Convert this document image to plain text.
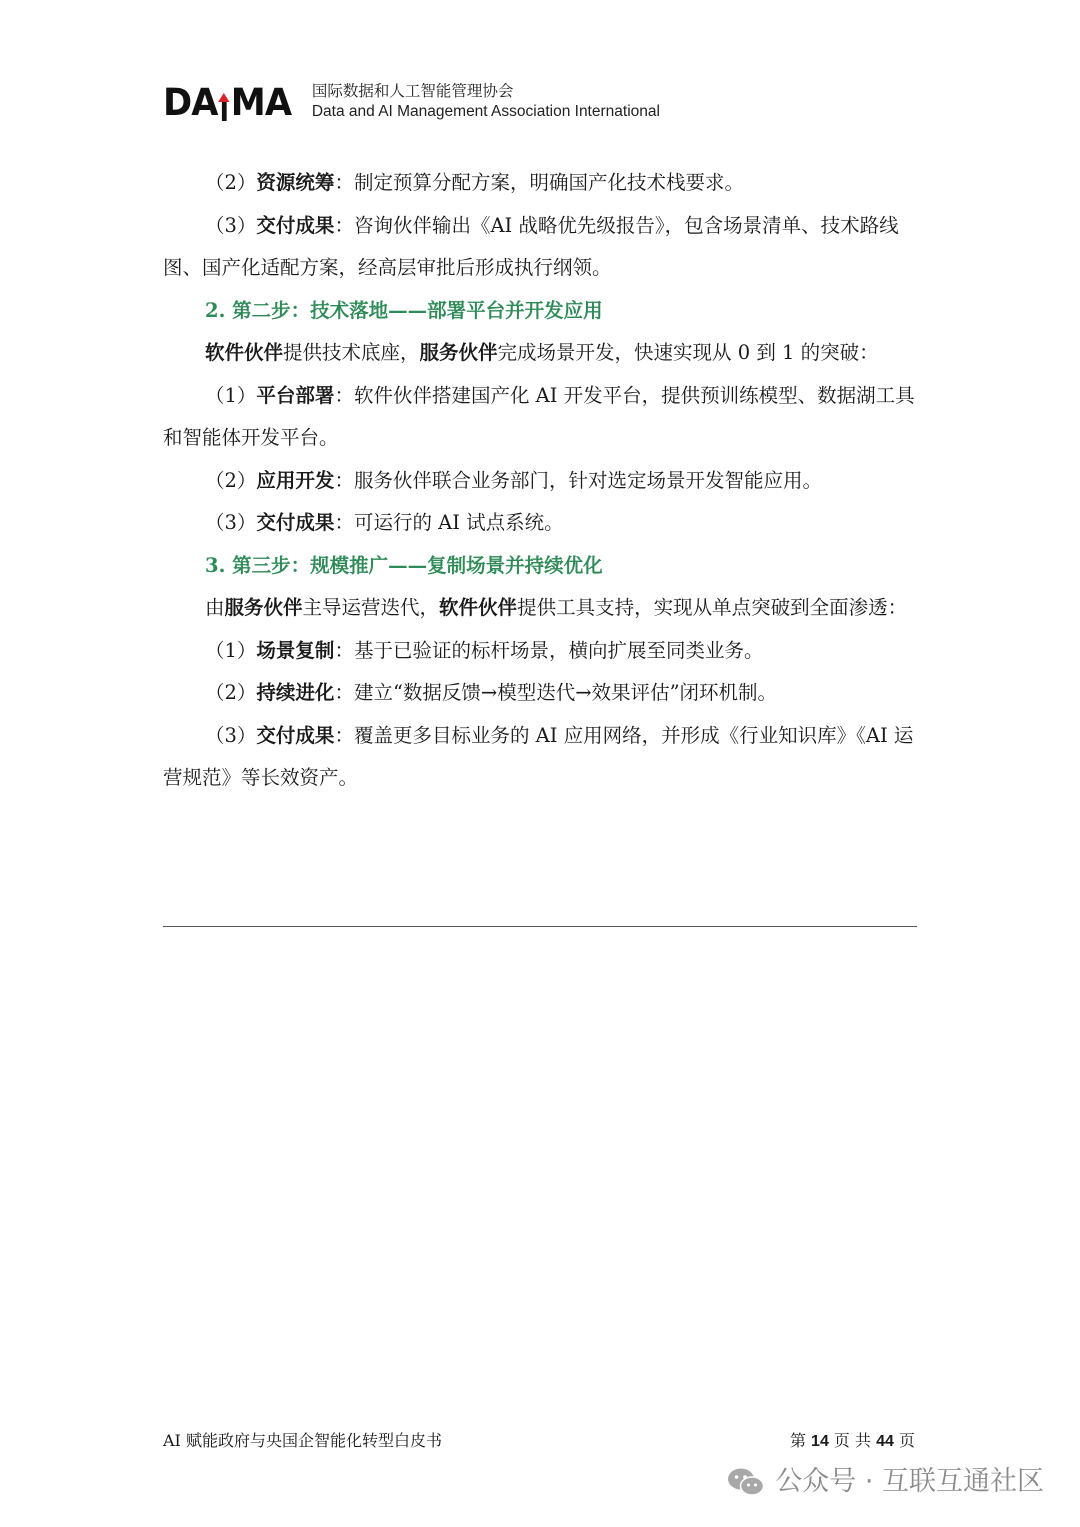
DA MA 国际数据和人工智能管理协会
Data and AI Management Association International

（2）资源统筹：制定预算分配方案，明确国产化技术栈要求。

（3）交付成果：咨询伙伴输出《AI 战略优先级报告》，包含场景清单、技术路线图、国产化适配方案，经高层审批后形成执行纲领。

2. 第二步：技术落地——部署平台并开发应用

软件伙伴提供技术底座，服务伙伴完成场景开发，快速实现从 0 到 1 的突破：

（1）平台部署：软件伙伴搭建国产化 AI 开发平台，提供预训练模型、数据湖工具和智能体开发平台。

（2）应用开发：服务伙伴联合业务部门，针对选定场景开发智能应用。

（3）交付成果：可运行的 AI 试点系统。

3. 第三步：规模推广——复制场景并持续优化

由服务伙伴主导运营迭代，软件伙伴提供工具支持，实现从单点突破到全面渗透：

（1）场景复制：基于已验证的标杆场景，横向扩展至同类业务。

（2）持续进化：建立“数据反馈→模型迭代→效果评估”闭环机制。

（3）交付成果：覆盖更多目标业务的 AI 应用网络，并形成《行业知识库》《AI 运营规范》等长效资产。

AI 赋能政府与央国企智能化转型白皮书	第 14 页 共 44 页
公众号 · 互联互通社区
